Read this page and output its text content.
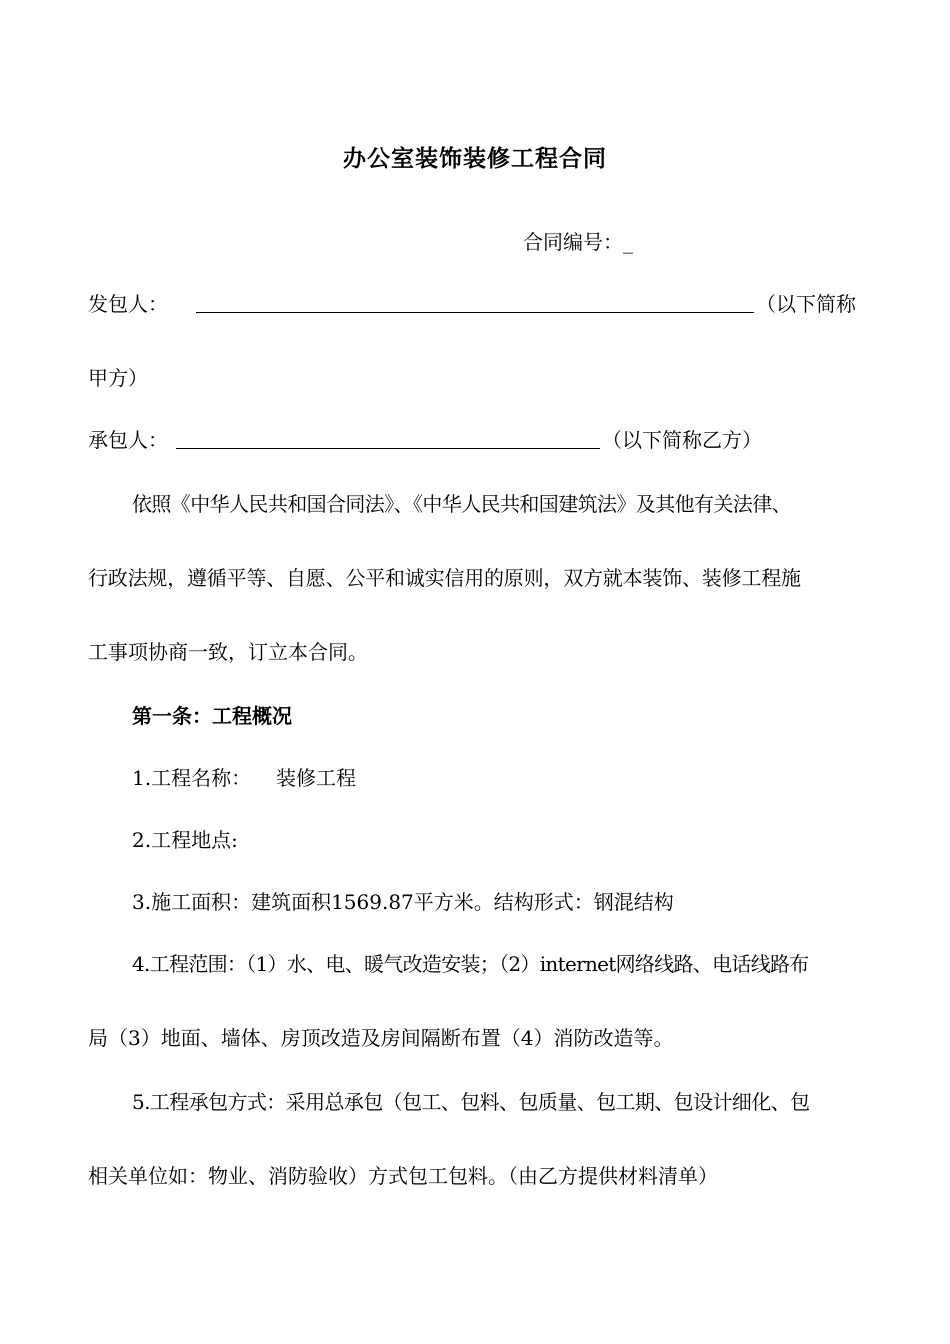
办公室装饰装修工程合同
合同编号：_
发包人：	（以下简称
甲方）
承包人：	（以下简称乙方）
依照《中华人民共和国合同法》、《中华人民共和国建筑法》及其他有关法律、
行政法规，遵循平等、自愿、公平和诚实信用的原则，双方就本装饰、装修工程施
工事项协商一致，订立本合同。
第一条：工程概况
1.工程名称： 装修工程
2.工程地点:
3.施工面积：建筑面积1569.87平方米。结构形式：钢混结构
4.工程范围：（1）水、电、暖气改造安装；（2）internet网络线路、电话线路布
局（3）地面、墙体、房顶改造及房间隔断布置（4）消防改造等。
5.工程承包方式：采用总承包（包工、包料、包质量、包工期、包设计细化、包
相关单位如：物业、消防验收）方式包工包料。（由乙方提供材料清单）
